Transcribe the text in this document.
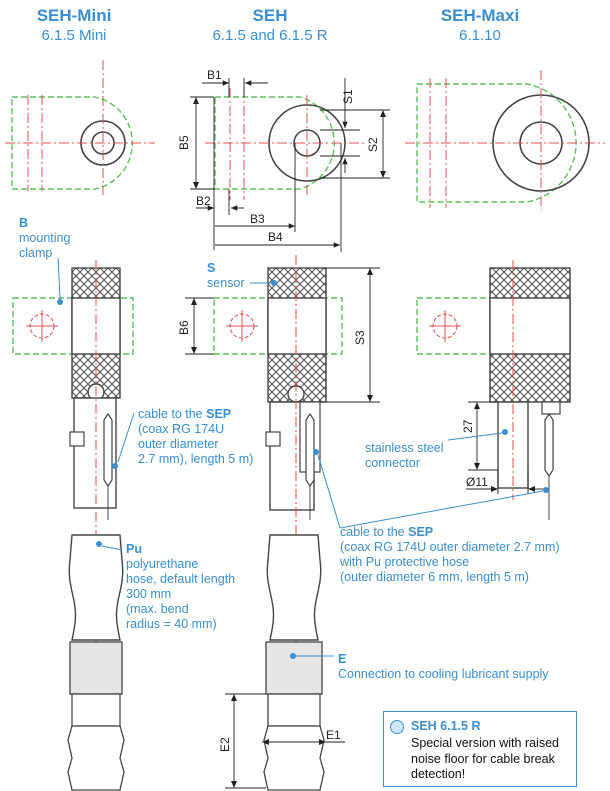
SEH-Mini
6.1.5 Mini
SEH
6.1.5 and 6.1.5 R
SEH-Maxi
6.1.10
B1
B5
B2
B3
B4
S1
S2
B6
S3
27
Ø11
E1
E2
B
mounting
clamp
S
sensor
cable to the SEP
(coax RG 174U
outer diameter
2.7 mm), length 5 m)
stainless steel
connector
cable to the SEP
(coax RG 174U outer diameter 2.7 mm)
with Pu protective hose
(outer diameter 6 mm, length 5 m)
Pu
polyurethane
hose, default length
300 mm
(max. bend
radius = 40 mm)
E
Connection to cooling lubricant supply
SEH 6.1.5 R
Special version with raised noise floor for cable break detection!
